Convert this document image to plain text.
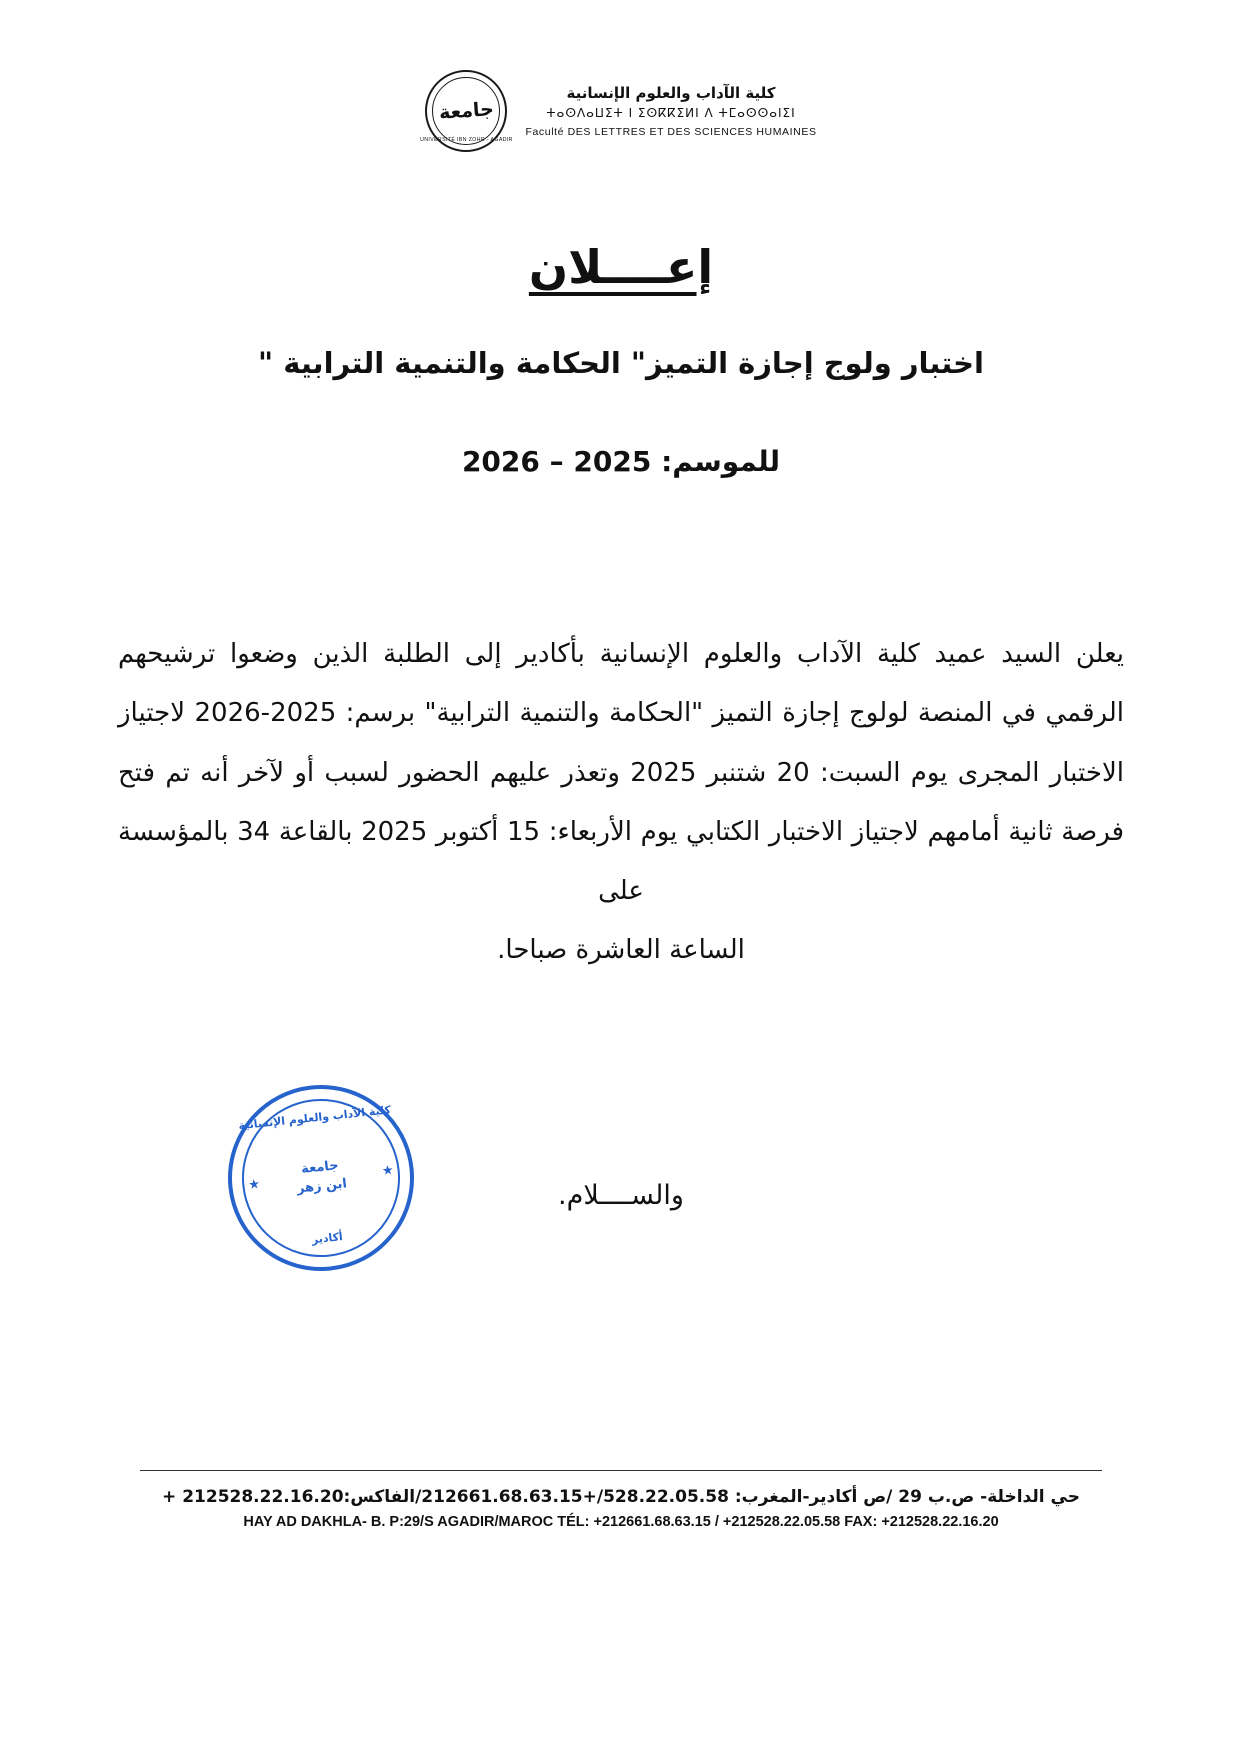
كلية الآداب والعلوم الإنسانية
ⵜⴰⵙⴷⴰⵡⵉⵜ ⵏ ⵉⵙⴽⴽⵉⵍⵏ ⴷ ⵜⵎⴰⵙⵙⴰⵏⵉⵏ
Faculté DES LETTRES ET DES SCIENCES HUMAINES
جامعة
UNIVERSITÉ IBN ZOHR - AGADIR
إعــــلان
اختبار ولوج إجازة التميز" الحكامة والتنمية الترابية "
للموسم: 2025 – 2026

يعلن السيد عميد كلية الآداب والعلوم الإنسانية بأكادير إلى الطلبة الذين وضعوا ترشيحهم الرقمي في المنصة لولوج إجازة التميز "الحكامة والتنمية الترابية" برسم: 2025-2026 لاجتياز الاختبار المجرى يوم السبت: 20 شتنبر 2025 وتعذر عليهم الحضور لسبب أو لآخر أنه تم فتح فرصة ثانية أمامهم لاجتياز الاختبار الكتابي يوم الأربعاء: 15 أكتوبر 2025 بالقاعة 34 بالمؤسسة على

الساعة العاشرة صباحا.

والســــلام.
كلية الآداب والعلوم الإنسانية
جامعة
ابن زهر
أكادير
★
★
حي الداخلة- ص.ب 29 /ص أكادير-المغرب: 528.22.05.58/+212661.68.63.15/الفاكس:212528.22.16.20 +
HAY AD DAKHLA- B. P:29/S AGADIR/MAROC TÉL: +212661.68.63.15 / +212528.22.05.58 FAX: +212528.22.16.20
